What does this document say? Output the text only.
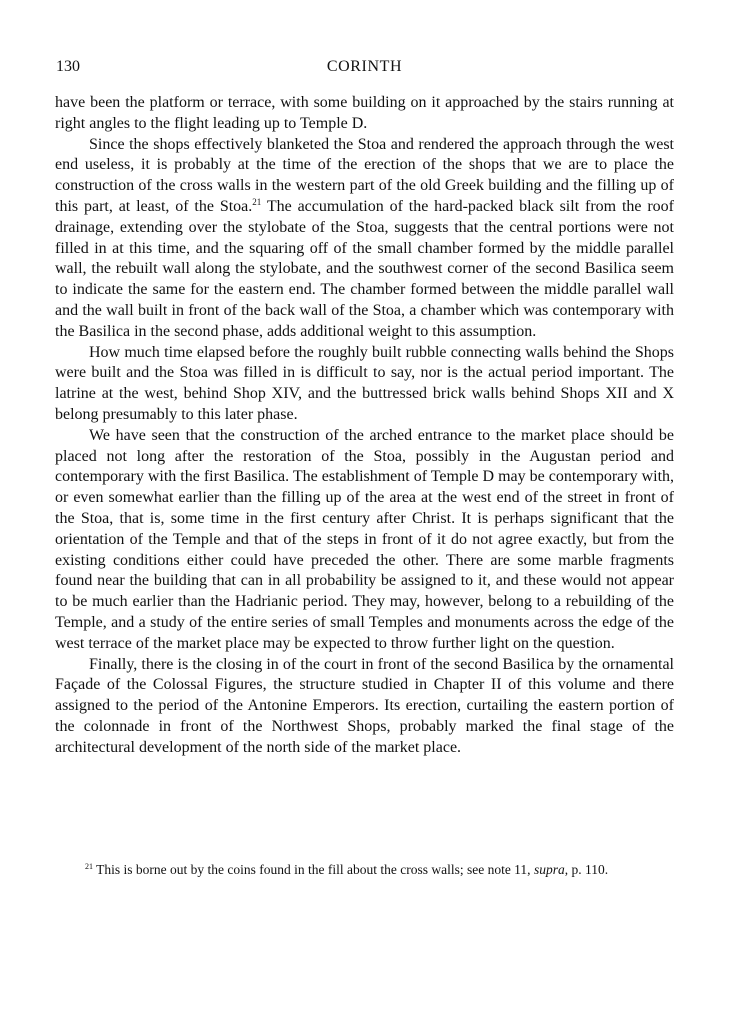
130	CORINTH

have been the platform or terrace, with some building on it approached by the stairs running at right angles to the flight leading up to Temple D.

Since the shops effectively blanketed the Stoa and rendered the approach through the west end useless, it is probably at the time of the erection of the shops that we are to place the construction of the cross walls in the western part of the old Greek building and the filling up of this part, at least, of the Stoa.$^{21}$ The accumulation of the hard-packed black silt from the roof drainage, extending over the stylobate of the Stoa, suggests that the central portions were not filled in at this time, and the squaring off of the small chamber formed by the middle parallel wall, the rebuilt wall along the stylobate, and the southwest corner of the second Basilica seem to indicate the same for the eastern end. The chamber formed between the middle parallel wall and the wall built in front of the back wall of the Stoa, a chamber which was contemporary with the Basilica in the second phase, adds additional weight to this assumption.

How much time elapsed before the roughly built rubble connecting walls behind the Shops were built and the Stoa was filled in is difficult to say, nor is the actual period important. The latrine at the west, behind Shop XIV, and the buttressed brick walls behind Shops XII and X belong presumably to this later phase.

We have seen that the construction of the arched entrance to the market place should be placed not long after the restoration of the Stoa, possibly in the Augustan period and contemporary with the first Basilica. The establishment of Temple D may be contemporary with, or even somewhat earlier than the filling up of the area at the west end of the street in front of the Stoa, that is, some time in the first century after Christ. It is perhaps significant that the orientation of the Temple and that of the steps in front of it do not agree exactly, but from the existing conditions either could have preceded the other. There are some marble fragments found near the building that can in all probability be assigned to it, and these would not appear to be much earlier than the Hadrianic period. They may, however, belong to a rebuilding of the Temple, and a study of the entire series of small Temples and monuments across the edge of the west terrace of the market place may be expected to throw further light on the question.

Finally, there is the closing in of the court in front of the second Basilica by the ornamental Façade of the Colossal Figures, the structure studied in Chapter II of this volume and there assigned to the period of the Antonine Emperors. Its erection, curtailing the eastern portion of the colonnade in front of the Northwest Shops, probably marked the final stage of the architectural development of the north side of the market place.

$^{21}$ This is borne out by the coins found in the fill about the cross walls; see note 11, supra, p. 110.
